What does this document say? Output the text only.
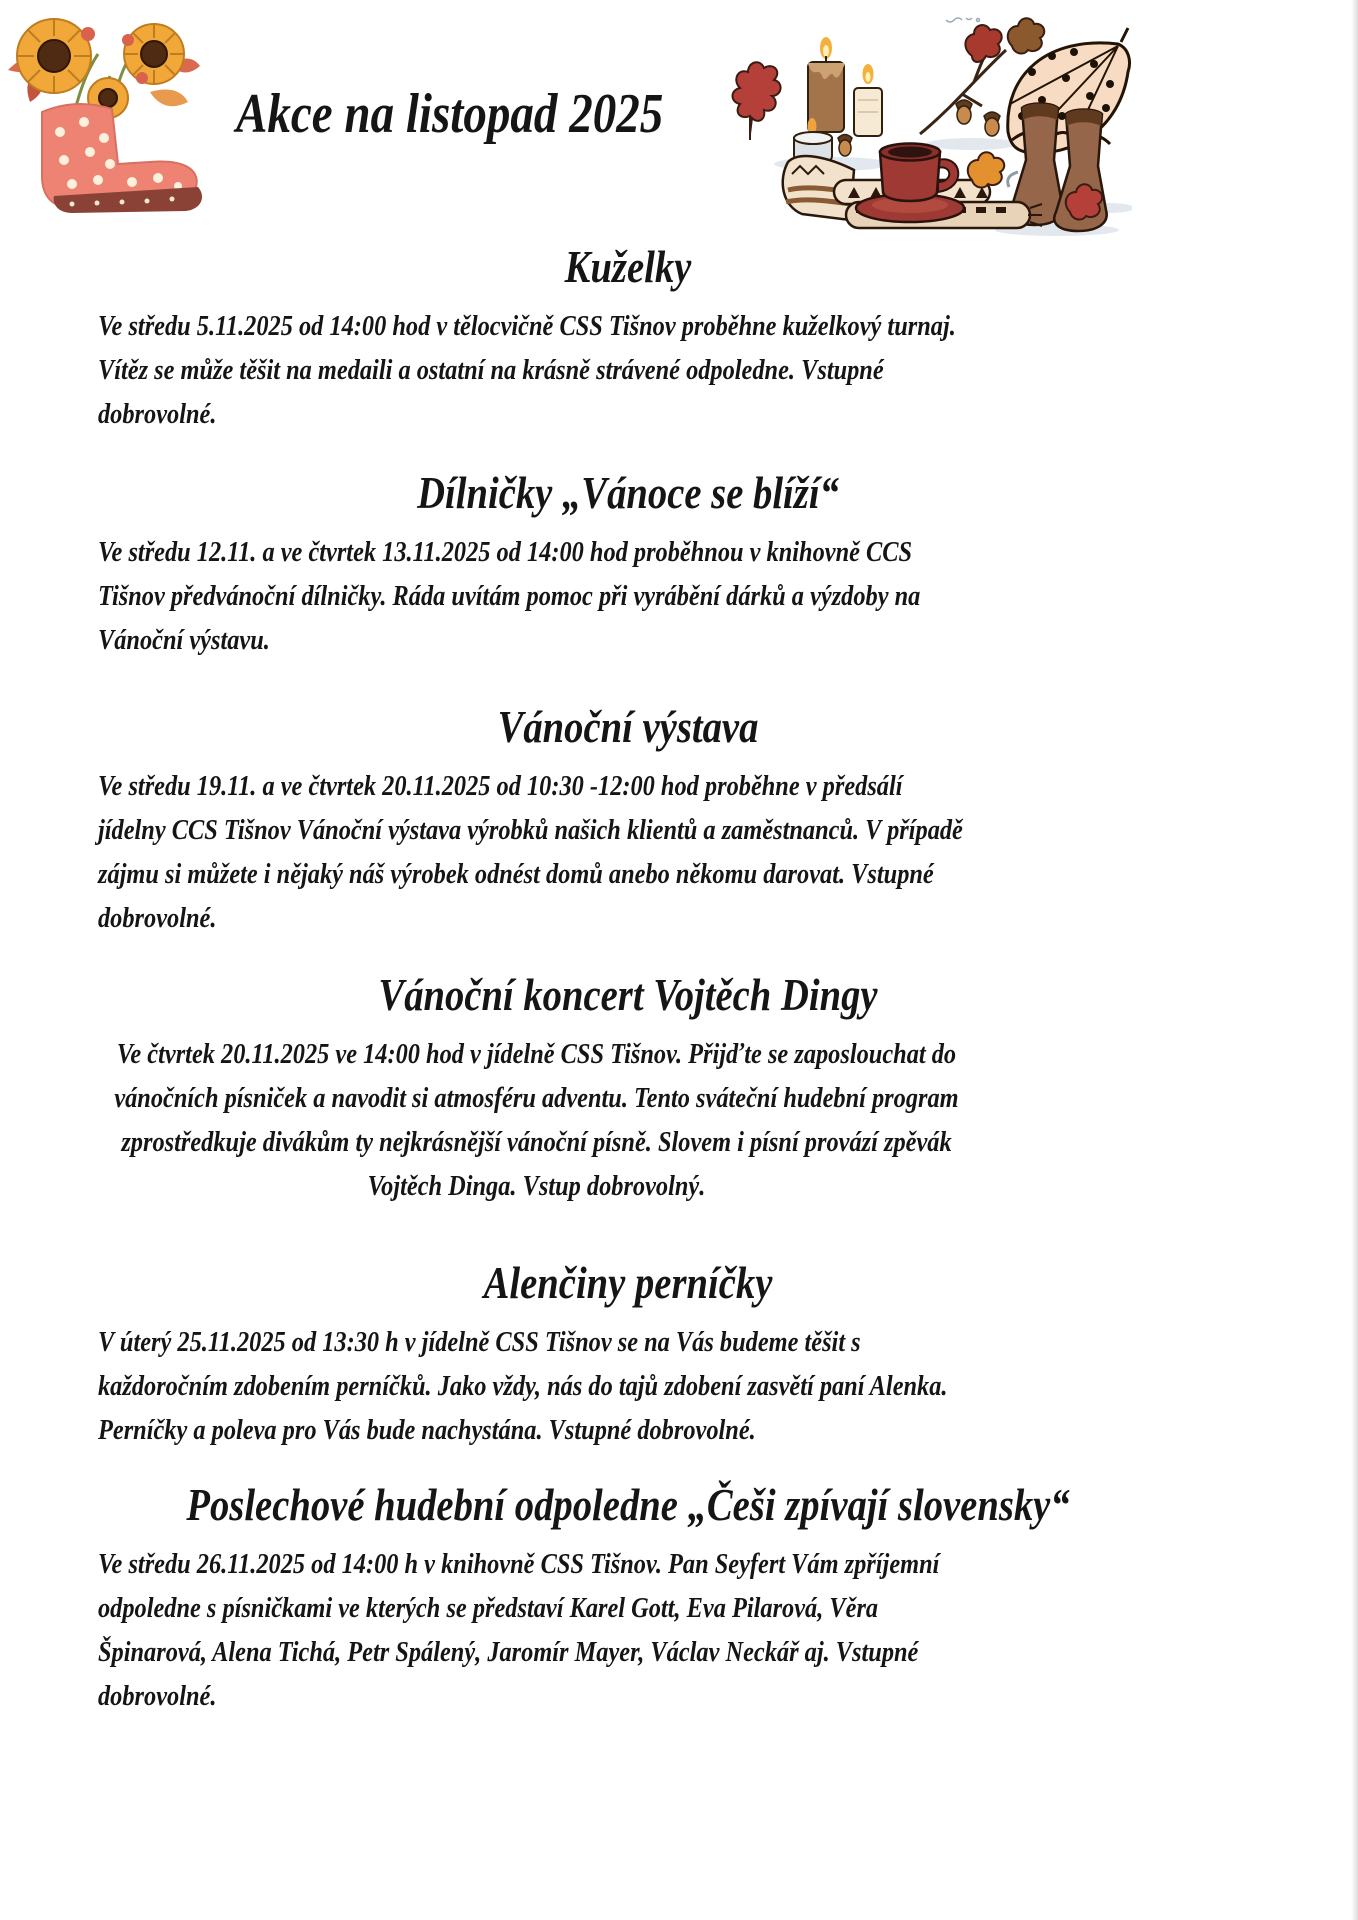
Akce na listopad 2025
Kuželky

Ve středu 5.11.2025 od 14:00 hod v tělocvičně CSS Tišnov proběhne kuželkový turnaj. Vítěz se může těšit na medaili a ostatní na krásně strávené odpoledne. Vstupné dobrovolné.

Dílničky „Vánoce se blíží“

Ve středu 12.11. a ve čtvrtek 13.11.2025 od 14:00 hod proběhnou v knihovně CCS Tišnov předvánoční dílničky. Ráda uvítám pomoc při vyrábění dárků a výzdoby na Vánoční výstavu.

Vánoční výstava

Ve středu 19.11. a ve čtvrtek 20.11.2025 od 10:30 -12:00 hod proběhne v předsálí jídelny CCS Tišnov Vánoční výstava výrobků našich klientů a zaměstnanců. V případě zájmu si můžete i nějaký náš výrobek odnést domů anebo někomu darovat. Vstupné dobrovolné.

Vánoční koncert Vojtěch Dingy

Ve čtvrtek 20.11.2025 ve 14:00 hod v jídelně CSS Tišnov. Přijďte se zaposlouchat do vánočních písniček a navodit si atmosféru adventu. Tento sváteční hudební program zprostředkuje divákům ty nejkrásnější vánoční písně. Slovem i písní provází zpěvák Vojtěch Dinga. Vstup dobrovolný.

Alenčiny perníčky

V úterý 25.11.2025 od 13:30 h v jídelně CSS Tišnov se na Vás budeme těšit s každoročním zdobením perníčků. Jako vždy, nás do tajů zdobení zasvětí paní Alenka. Perníčky a poleva pro Vás bude nachystána. Vstupné dobrovolné.

Poslechové hudební odpoledne „Češi zpívají slovensky“

Ve středu 26.11.2025 od 14:00 h v knihovně CSS Tišnov. Pan Seyfert Vám zpříjemní odpoledne s písničkami ve kterých se představí Karel Gott, Eva Pilarová, Věra Špinarová, Alena Tichá, Petr Spálený, Jaromír Mayer, Václav Neckář aj. Vstupné dobrovolné.
